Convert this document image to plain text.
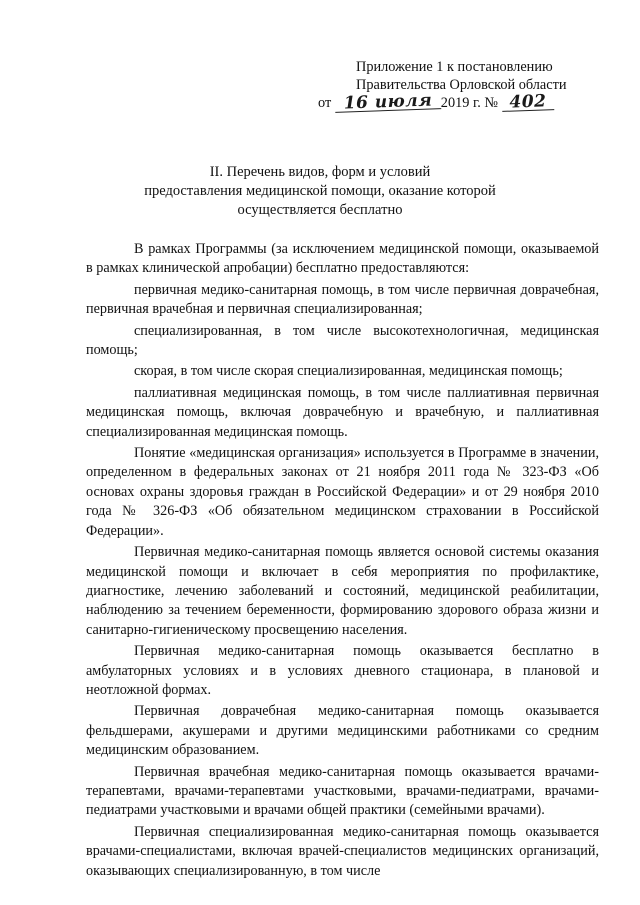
Приложение 1 к постановлению
Правительства Орловской области
от 16 июля 2019 г. № 402
II. Перечень видов, форм и условий
предоставления медицинской помощи, оказание которой
осуществляется бесплатно

В рамках Программы (за исключением медицинской помощи, оказываемой в рамках клинической апробации) бесплатно предоставляются:

первичная медико-санитарная помощь, в том числе первичная доврачебная, первичная врачебная и первичная специализированная;

специализированная, в том числе высокотехнологичная, медицинская помощь;

скорая, в том числе скорая специализированная, медицинская помощь;

паллиативная медицинская помощь, в том числе паллиативная первичная медицинская помощь, включая доврачебную и врачебную, и паллиативная специализированная медицинская помощь.

Понятие «медицинская организация» используется в Программе в значении, определенном в федеральных законах от 21 ноября 2011 года № 323-ФЗ «Об основах охраны здоровья граждан в Российской Федерации» и от 29 ноября 2010 года № 326-ФЗ «Об обязательном медицинском страховании в Российской Федерации».

Первичная медико-санитарная помощь является основой системы оказания медицинской помощи и включает в себя мероприятия по профилактике, диагностике, лечению заболеваний и состояний, медицинской реабилитации, наблюдению за течением беременности, формированию здорового образа жизни и санитарно-гигиеническому просвещению населения.

Первичная медико-санитарная помощь оказывается бесплатно в амбулаторных условиях и в условиях дневного стационара, в плановой и неотложной формах.

Первичная доврачебная медико-санитарная помощь оказывается фельдшерами, акушерами и другими медицинскими работниками со средним медицинским образованием.

Первичная врачебная медико-санитарная помощь оказывается врачами-терапевтами, врачами-терапевтами участковыми, врачами-педиатрами, врачами-педиатрами участковыми и врачами общей практики (семейными врачами).

Первичная специализированная медико-санитарная помощь оказывается врачами-специалистами, включая врачей-специалистов медицинских организаций, оказывающих специализированную, в том числе
